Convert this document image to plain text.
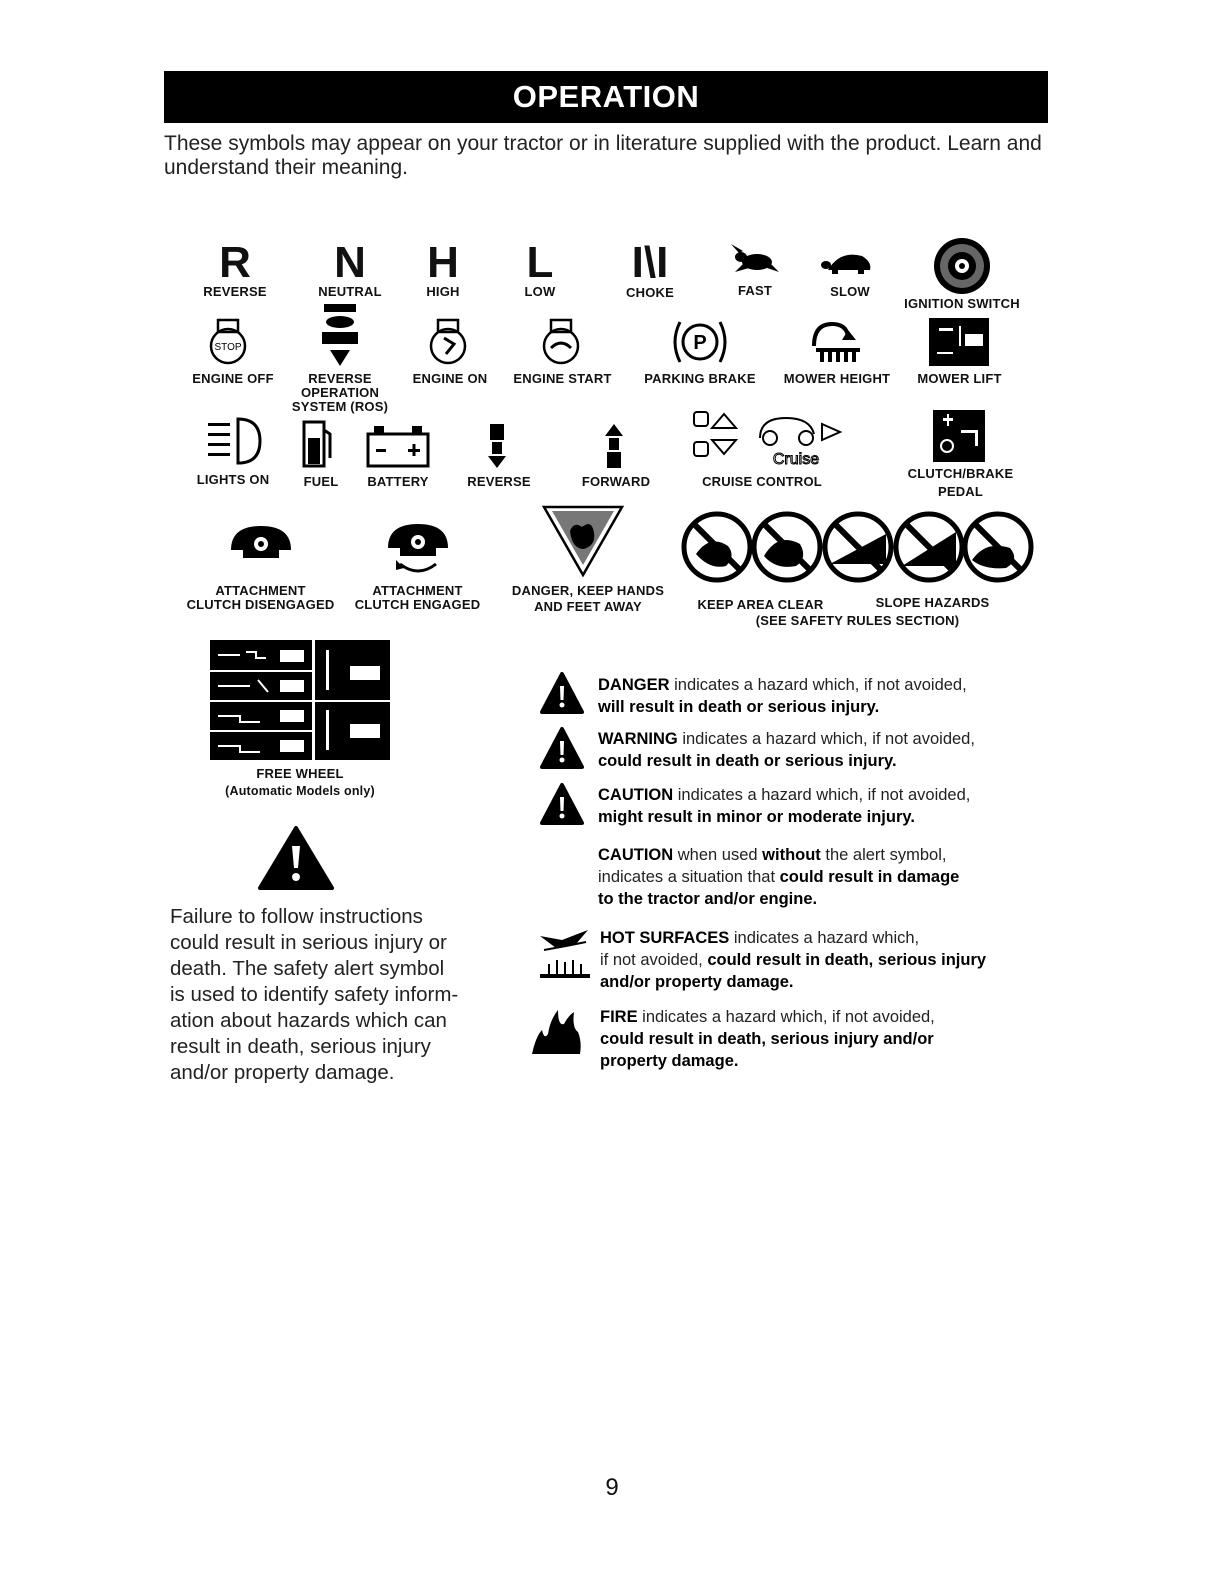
OPERATION
These symbols may appear on your tractor or in literature supplied with the product. Learn and understand their meaning.
R
REVERSE
N
NEUTRAL
H
HIGH
L
LOW
I\I
CHOKE	FAST	SLOW
IGNITION SWITCH
STOP
ENGINE OFF	REVERSE
OPERATION
SYSTEM (ROS)
ENGINE ON	ENGINE START
P
PARKING BRAKE	MOWER HEIGHT	MOWER LIFT
LIGHTS ON	FUEL	BATTERY	REVERSE	FORWARD
Cruise
CRUISE CONTROL
CLUTCH/BRAKE
PEDAL
ATTACHMENT
CLUTCH DISENGAGED
ATTACHMENT
CLUTCH ENGAGED
DANGER, KEEP HANDS
AND FEET AWAY	KEEP AREA CLEAR	SLOPE HAZARDS
(SEE SAFETY RULES SECTION)
FREE WHEEL
(Automatic Models only)
Failure to follow instructions
could result in serious injury or
death. The safety alert symbol
is used to identify safety inform-
ation about hazards which can
result in death, serious injury
and/or property damage.
DANGER indicates a hazard which, if not avoided,
will result in death or serious injury.
WARNING indicates a hazard which, if not avoided,
could result in death or serious injury.
CAUTION indicates a hazard which, if not avoided,
might result in minor or moderate injury.
CAUTION when used without the alert symbol,
indicates a situation that could result in damage
to the tractor and/or engine.
HOT SURFACES indicates a hazard which,
if not avoided, could result in death, serious injury
and/or property damage.
FIRE indicates a hazard which, if not avoided,
could result in death, serious injury and/or
property damage.
9
